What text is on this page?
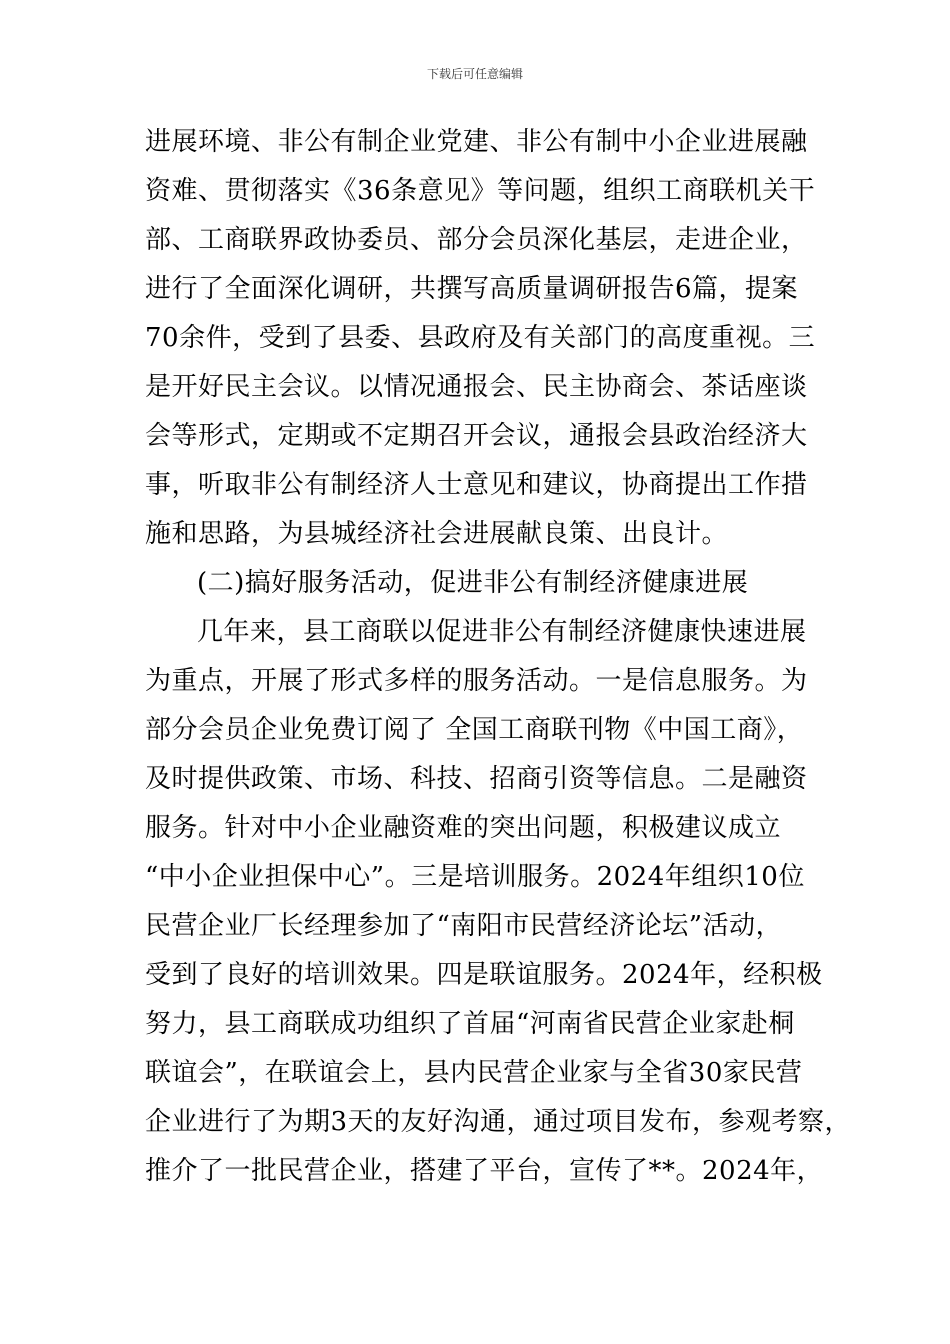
下载后可任意编辑
进展环境、非公有制企业党建、非公有制中小企业进展融
资难、贯彻落实《36条意见》等问题，组织工商联机关干
部、工商联界政协委员、部分会员深化基层，走进企业，
进行了全面深化调研，共撰写高质量调研报告6篇，提案
70余件，受到了县委、县政府及有关部门的高度重视。三
是开好民主会议。以情况通报会、民主协商会、茶话座谈
会等形式，定期或不定期召开会议，通报会县政治经济大
事，听取非公有制经济人士意见和建议，协商提出工作措
施和思路，为县城经济社会进展献良策、出良计。
(二)搞好服务活动，促进非公有制经济健康进展
几年来，县工商联以促进非公有制经济健康快速进展
为重点，开展了形式多样的服务活动。一是信息服务。为
部分会员企业免费订阅了 全国工商联刊物《中国工商》，
及时提供政策、市场、科技、招商引资等信息。二是融资
服务。针对中小企业融资难的突出问题，积极建议成立
“中小企业担保中心”。三是培训服务。2024年组织10位
民营企业厂长经理参加了“南阳市民营经济论坛”活动，
受到了良好的培训效果。四是联谊服务。2024年，经积极
努力，县工商联成功组织了首届“河南省民营企业家赴桐
联谊会”，在联谊会上，县内民营企业家与全省30家民营
企业进行了为期3天的友好沟通，通过项目发布，参观考察，
推介了一批民营企业，搭建了平台，宣传了**。2024年，
